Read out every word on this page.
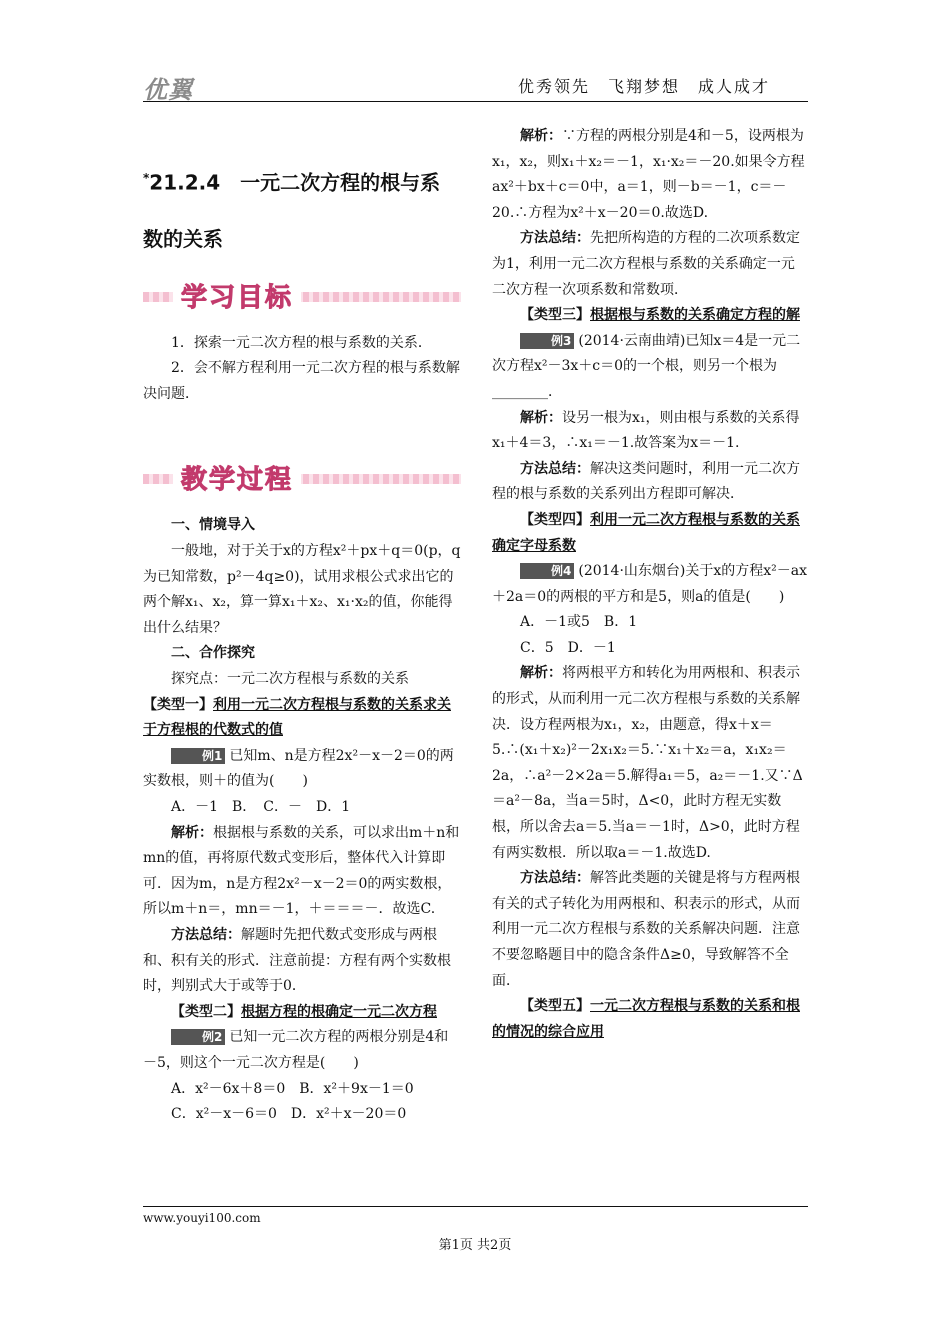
优翼	优秀领先　飞翔梦想　成人成才

*21.2.4　一元二次方程的根与系

数的关系

学习目标

1．探索一元二次方程的根与系数的关系．

2．会不解方程利用一元二次方程的根与系数解决问题．

教学过程

一、情境导入

一般地，对于关于x的方程x²＋px＋q＝0(p，q为已知常数，p²－4q≥0)，试用求根公式求出它的两个解x₁、x₂，算一算x₁＋x₂、x₁·x₂的值，你能得出什么结果？

二、合作探究

探究点：一元二次方程根与系数的关系

【类型一】利用一元二次方程根与系数的关系求关于方程根的代数式的值

例1 已知m、n是方程2x²－x－2＝0的两实数根，则＋的值为(　　)

A．－1　B．　C．－　D．1

解析：根据根与系数的关系，可以求出m＋n和mn的值，再将原代数式变形后，整体代入计算即可．因为m，n是方程2x²－x－2＝0的两实数根，所以m＋n＝，mn＝－1，＋＝＝＝－．故选C.

方法总结：解题时先把代数式变形成与两根和、积有关的形式．注意前提：方程有两个实数根时，判别式大于或等于0．

【类型二】根据方程的根确定一元二次方程

例2 已知一元二次方程的两根分别是4和－5，则这个一元二次方程是(　　)

A．x²－6x＋8＝0　B．x²＋9x－1＝0

C．x²－x－6＝0　D．x²＋x－20＝0

解析：∵方程的两根分别是4和－5，设两根为x₁，x₂，则x₁＋x₂＝－1，x₁·x₂＝－20.如果令方程ax²＋bx＋c＝0中，a＝1，则－b＝－1，c＝－20.∴方程为x²＋x－20＝0.故选D.

方法总结：先把所构造的方程的二次项系数定为1，利用一元二次方程根与系数的关系确定一元二次方程一次项系数和常数项．

【类型三】根据根与系数的关系确定方程的解

例3 (2014·云南曲靖)已知x＝4是一元二次方程x²－3x＋c＝0的一个根，则另一个根为________．

解析：设另一根为x₁，则由根与系数的关系得x₁＋4＝3，∴x₁＝－1.故答案为x＝－1.

方法总结：解决这类问题时，利用一元二次方程的根与系数的关系列出方程即可解决．

【类型四】利用一元二次方程根与系数的关系确定字母系数

例4 (2014·山东烟台)关于x的方程x²－ax＋2a＝0的两根的平方和是5，则a的值是(　　)

A．－1或5　B．1

C．5　D．－1

解析：将两根平方和转化为用两根和、积表示的形式，从而利用一元二次方程根与系数的关系解决．设方程两根为x₁，x₂，由题意，得x＋x＝5.∴(x₁＋x₂)²－2x₁x₂＝5.∵x₁＋x₂＝a，x₁x₂＝2a，∴a²－2×2a＝5.解得a₁＝5，a₂＝－1.又∵Δ＝a²－8a，当a＝5时，Δ<0，此时方程无实数根，所以舍去a＝5.当a＝－1时，Δ>0，此时方程有两实数根．所以取a＝－1.故选D.

方法总结：解答此类题的关键是将与方程两根有关的式子转化为用两根和、积表示的形式，从而利用一元二次方程根与系数的关系解决问题．注意不要忽略题目中的隐含条件Δ≥0，导致解答不全面．

【类型五】一元二次方程根与系数的关系和根的情况的综合应用

www.youyi100.com
第1页 共2页
